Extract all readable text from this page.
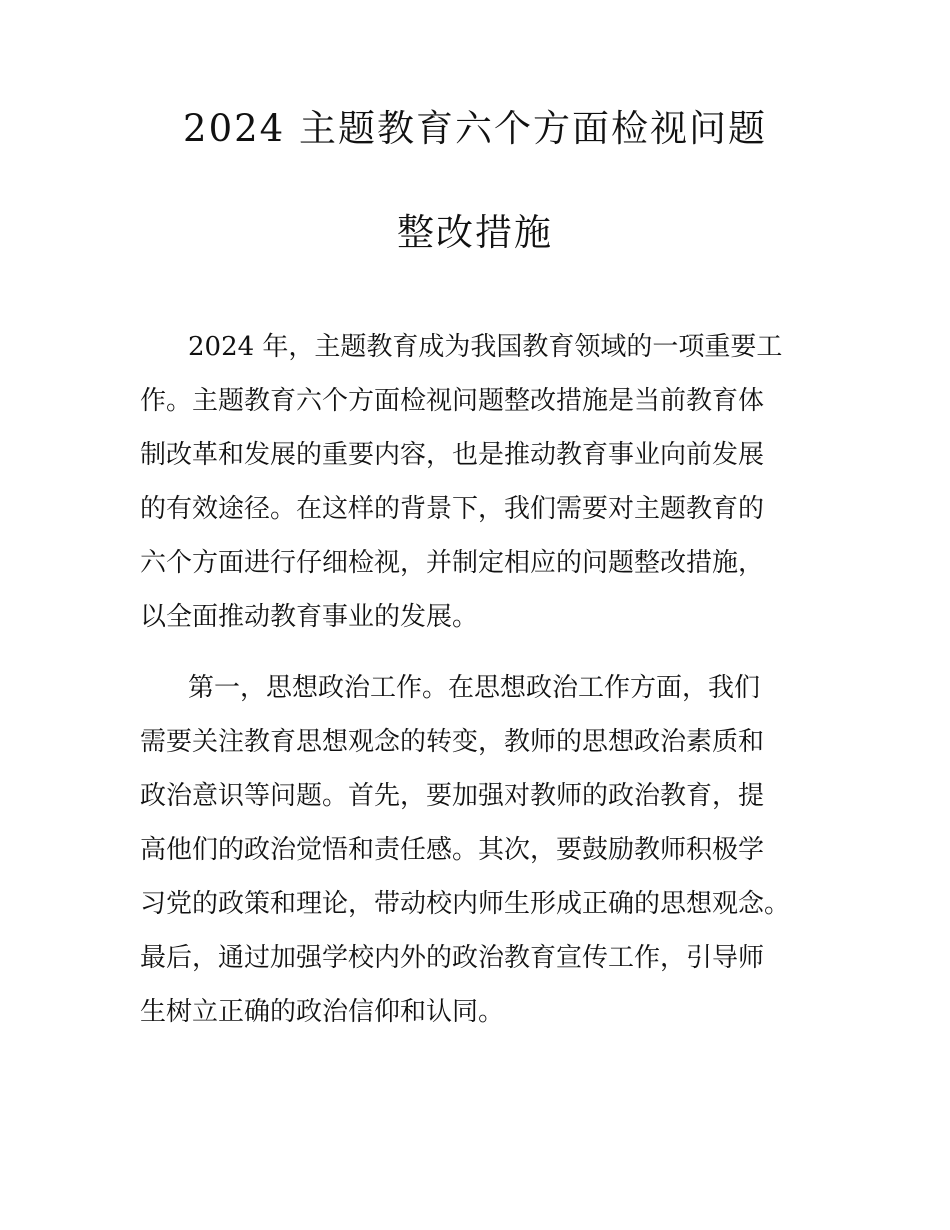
2024 主题教育六个方面检视问题
整改措施
2024 年，主题教育成为我国教育领域的一项重要工
作。主题教育六个方面检视问题整改措施是当前教育体
制改革和发展的重要内容，也是推动教育事业向前发展
的有效途径。在这样的背景下，我们需要对主题教育的
六个方面进行仔细检视，并制定相应的问题整改措施，
以全面推动教育事业的发展。
第一，思想政治工作。在思想政治工作方面，我们
需要关注教育思想观念的转变，教师的思想政治素质和
政治意识等问题。首先，要加强对教师的政治教育，提
高他们的政治觉悟和责任感。其次，要鼓励教师积极学
习党的政策和理论，带动校内师生形成正确的思想观念。
最后，通过加强学校内外的政治教育宣传工作，引导师
生树立正确的政治信仰和认同。
